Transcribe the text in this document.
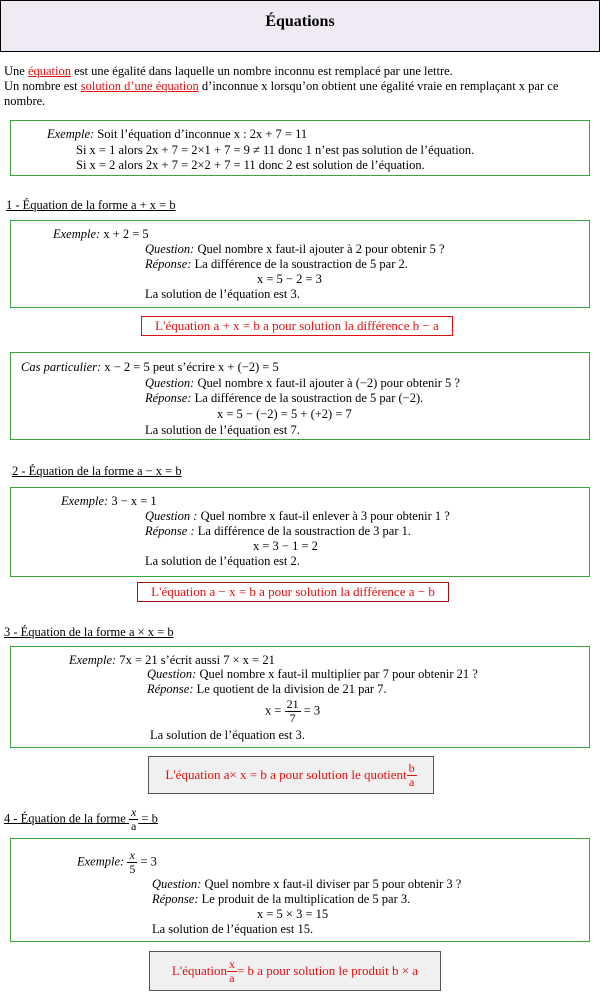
Équations
Une équation est une égalité dans laquelle un nombre inconnu est remplacé par une lettre.
Un nombre est solution d’une équation d’inconnue x lorsqu’on obtient une égalité vraie en remplaçant x par ce
nombre.
Exemple: Soit l’équation d’inconnue x : 2x + 7 = 11
Si x = 1 alors 2x + 7 = 2×1 + 7 = 9 ≠ 11 donc 1 n’est pas solution de l’équation.
Si x = 2 alors 2x + 7 = 2×2 + 7 = 11 donc 2 est solution de l’équation.
1 - Équation de la forme a + x = b
Exemple: x + 2 = 5
Question: Quel nombre x faut-il ajouter à 2 pour obtenir 5 ?
Réponse: La différence de la soustraction de 5 par 2.
x = 5 − 2 = 3
La solution de l’équation est 3.
L'équation a + x = b a pour solution la différence b − a
Cas particulier: x − 2 = 5 peut s’écrire x + (−2) = 5
Question: Quel nombre x faut-il ajouter à (−2) pour obtenir 5 ?
Réponse: La différence de la soustraction de 5 par (−2).
x = 5 − (−2) = 5 + (+2) = 7
La solution de l’équation est 7.
2 - Équation de la forme a − x = b
Exemple: 3 − x = 1
Question : Quel nombre x faut-il enlever à 3 pour obtenir 1 ?
Réponse : La différence de la soustraction de 3 par 1.
x = 3 − 1 = 2
La solution de l’équation est 2.
L'équation a − x = b a pour solution la différence a − b
3 - Équation de la forme a × x = b
Exemple: 7x = 21 s’écrit aussi 7 × x = 21
Question: Quel nombre x faut-il multiplier par 7 pour obtenir 21 ?
Réponse: Le quotient de la division de 21 par 7.
$x = \frac{21}{7} = 3$
La solution de l’équation est 3.
L'équation a× x = b a pour solution le quotient $\frac{b}{a}$
4 - Équation de la forme $\frac{x}{a} = b$
Exemple: $\frac{x}{5} = 3$
Question: Quel nombre x faut-il diviser par 5 pour obtenir 3 ?
Réponse: Le produit de la multiplication de 5 par 3.
x = 5 × 3 = 15
La solution de l’équation est 15.
L'équation $\frac{x}{a} = b$ a pour solution le produit b × a
